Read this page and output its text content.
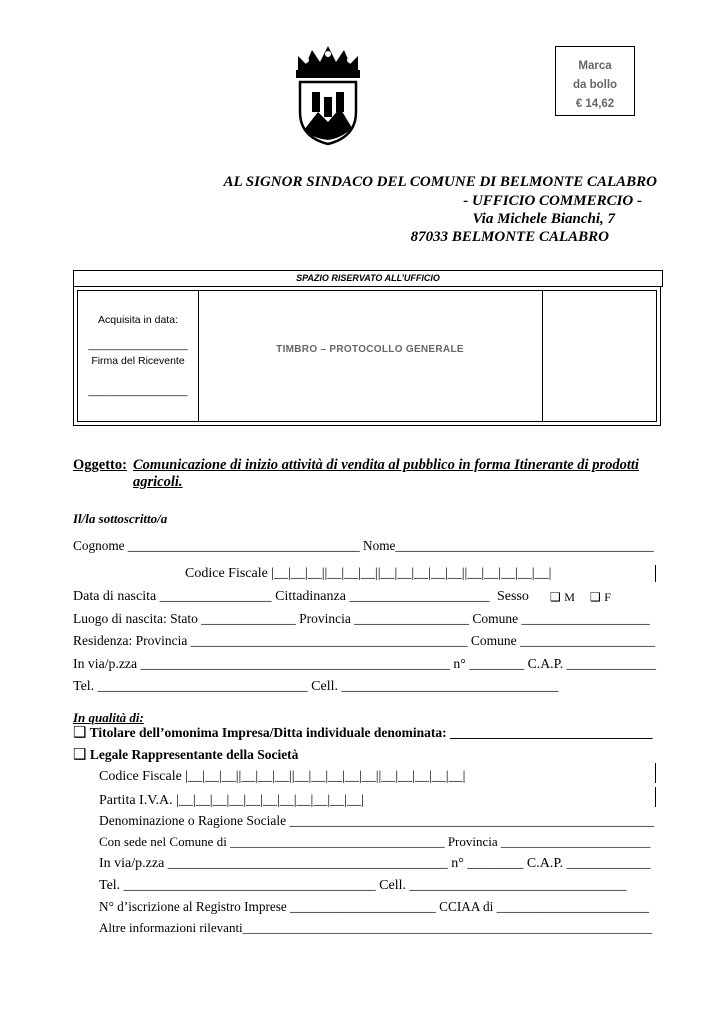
Marca
da bollo
€ 14,62
AL SIGNOR SINDACO DEL COMUNE DI BELMONTE CALABRO
- UFFICIO COMMERCIO -
Via Michele Bianchi, 7
87033 BELMONTE CALABRO
SPAZIO RISERVATO ALL’UFFICIO
Acquisita in data:
_________________
Firma del Ricevente
_________________
TIMBRO – PROTOCOLLO GENERALE
Oggetto: Comunicazione di inizio attività di vendita al pubblico in forma Itinerante di prodotti
agricoli.
Il/la sottoscritto/a
Cognome ___________________________________ Nome_______________________________________
Codice Fiscale |__|__|__||__|__|__||__|__|__|__|__||__|__|__|__|__|
Data di nascita ________________ Cittadinanza ____________________ Sesso ❑ M ❑ F
Luogo di nascita: Stato ______________ Provincia _________________ Comune ___________________
Residenza: Provincia _________________________________________ Comune ____________________
In via/p.zza _____________________________________________ n° ________ C.A.P. _____________
Tel. ______________________________ Cell. _______________________________
In qualità di:
❑ Titolare dell’omonima Impresa/Ditta individuale denominata: ______________________________
❑ Legale Rappresentante della Società
Codice Fiscale |__|__|__||__|__|__||__|__|__|__|__||__|__|__|__|__|
Partita I.V.A. |__|__|__|__|__|__|__|__|__|__|__|
Denominazione o Ragione Sociale ______________________________________________________
Con sede nel Comune di _________________________________ Provincia _______________________
In via/p.zza ________________________________________ n° ________ C.A.P. ____________
Tel. ____________________________________ Cell. _______________________________
N° d’iscrizione al Registro Imprese ______________________ CCIAA di _______________________
Altre informazioni rilevanti_______________________________________________________________
